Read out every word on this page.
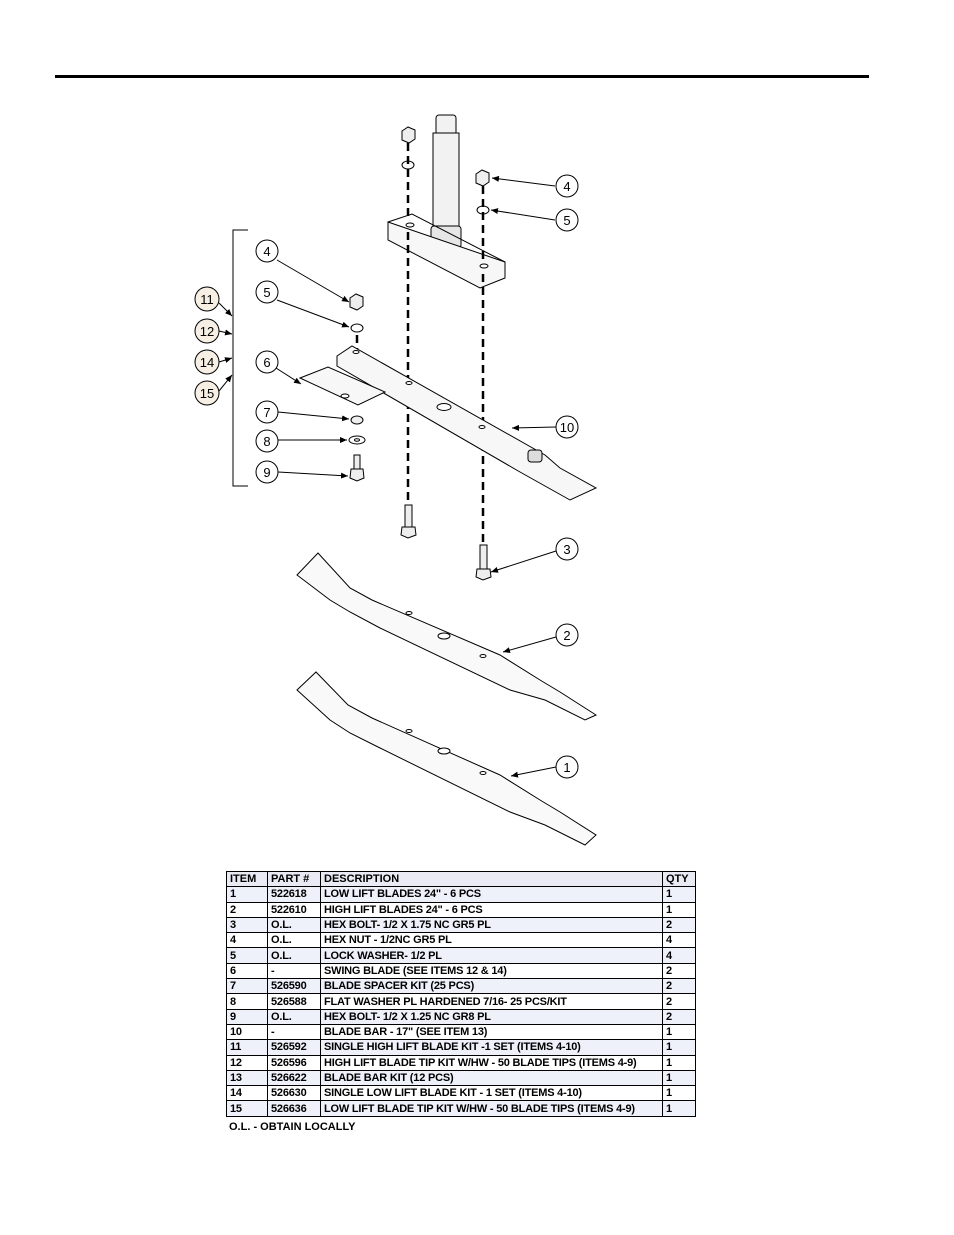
4
5
4
5
6
7
8
9
10
3
2
1
11
12
14
15
ITEM	PART #	DESCRIPTION	QTY
1	522618	LOW LIFT BLADES 24" - 6 PCS	1
2	522610	HIGH LIFT BLADES 24" - 6 PCS	1
3	O.L.	HEX BOLT- 1/2 X 1.75 NC GR5 PL	2
4	O.L.	HEX NUT - 1/2NC GR5 PL	4
5	O.L.	LOCK WASHER- 1/2 PL	4
6	-	SWING BLADE (SEE ITEMS 12 & 14)	2
7	526590	BLADE SPACER KIT (25 PCS)	2
8	526588	FLAT WASHER PL HARDENED 7/16- 25 PCS/KIT	2
9	O.L.	HEX BOLT- 1/2 X 1.25 NC GR8 PL	2
10	-	BLADE BAR - 17" (SEE ITEM 13)	1
11	526592	SINGLE HIGH LIFT BLADE KIT -1 SET (ITEMS 4-10)	1
12	526596	HIGH LIFT BLADE TIP KIT W/HW - 50 BLADE TIPS (ITEMS 4-9)	1
13	526622	BLADE BAR KIT (12 PCS)	1
14	526630	SINGLE LOW LIFT BLADE KIT - 1 SET (ITEMS 4-10)	1
15	526636	LOW LIFT BLADE TIP KIT W/HW - 50 BLADE TIPS (ITEMS 4-9)	1
O.L. - OBTAIN LOCALLY
